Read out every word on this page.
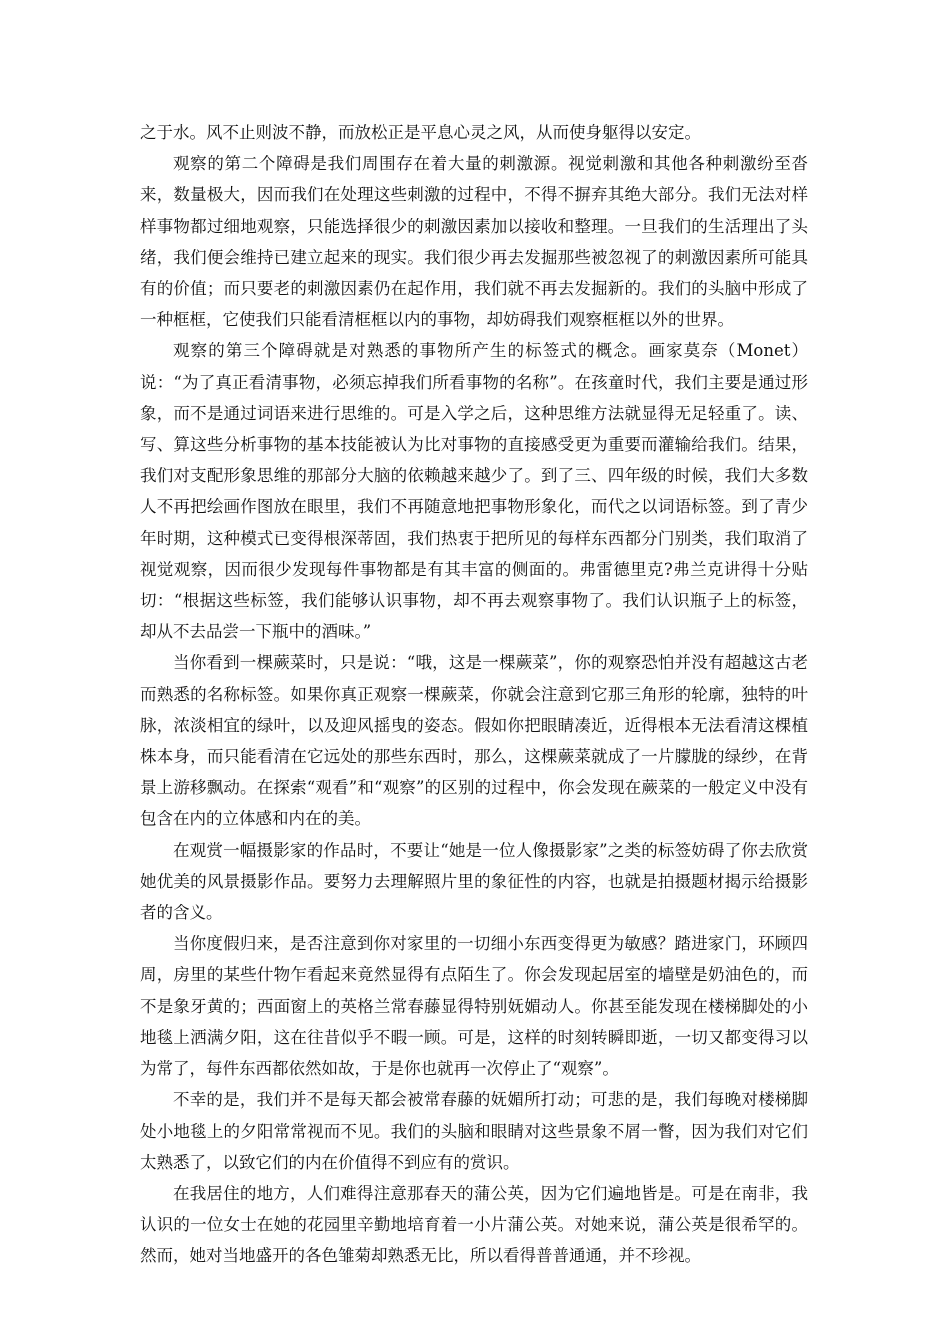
之于水。风不止则波不静，而放松正是平息心灵之风，从而使身躯得以安定。

观察的第二个障碍是我们周围存在着大量的刺激源。视觉刺激和其他各种刺激纷至沓来，数量极大，因而我们在处理这些刺激的过程中，不得不摒弃其绝大部分。我们无法对样样事物都过细地观察，只能选择很少的刺激因素加以接收和整理。一旦我们的生活理出了头绪，我们便会维持已建立起来的现实。我们很少再去发掘那些被忽视了的刺激因素所可能具有的价值；而只要老的刺激因素仍在起作用，我们就不再去发掘新的。我们的头脑中形成了一种框框，它使我们只能看清框框以内的事物，却妨碍我们观察框框以外的世界。

观察的第三个障碍就是对熟悉的事物所产生的标签式的概念。画家莫奈（Monet）说：“为了真正看清事物，必须忘掉我们所看事物的名称”。在孩童时代，我们主要是通过形象，而不是通过词语来进行思维的。可是入学之后，这种思维方法就显得无足轻重了。读、写、算这些分析事物的基本技能被认为比对事物的直接感受更为重要而灌输给我们。结果，我们对支配形象思维的那部分大脑的依赖越来越少了。到了三、四年级的时候，我们大多数人不再把绘画作图放在眼里，我们不再随意地把事物形象化，而代之以词语标签。到了青少年时期，这种模式已变得根深蒂固，我们热衷于把所见的每样东西都分门别类，我们取消了视觉观察，因而很少发现每件事物都是有其丰富的侧面的。弗雷德里克?弗兰克讲得十分贴切：“根据这些标签，我们能够认识事物，却不再去观察事物了。我们认识瓶子上的标签，却从不去品尝一下瓶中的酒味。”

当你看到一棵蕨菜时，只是说：“哦，这是一棵蕨菜”，你的观察恐怕并没有超越这古老而熟悉的名称标签。如果你真正观察一棵蕨菜，你就会注意到它那三角形的轮廓，独特的叶脉，浓淡相宜的绿叶，以及迎风摇曳的姿态。假如你把眼睛凑近，近得根本无法看清这棵植株本身，而只能看清在它远处的那些东西时，那么，这棵蕨菜就成了一片朦胧的绿纱，在背景上游移飘动。在探索“观看”和“观察”的区别的过程中，你会发现在蕨菜的一般定义中没有包含在内的立体感和内在的美。

在观赏一幅摄影家的作品时，不要让“她是一位人像摄影家”之类的标签妨碍了你去欣赏她优美的风景摄影作品。要努力去理解照片里的象征性的内容，也就是拍摄题材揭示给摄影者的含义。

当你度假归来，是否注意到你对家里的一切细小东西变得更为敏感？踏进家门，环顾四周，房里的某些什物乍看起来竟然显得有点陌生了。你会发现起居室的墙壁是奶油色的，而不是象牙黄的；西面窗上的英格兰常春藤显得特别妩媚动人。你甚至能发现在楼梯脚处的小地毯上洒满夕阳，这在往昔似乎不暇一顾。可是，这样的时刻转瞬即逝，一切又都变得习以为常了，每件东西都依然如故，于是你也就再一次停止了“观察”。

不幸的是，我们并不是每天都会被常春藤的妩媚所打动；可悲的是，我们每晚对楼梯脚处小地毯上的夕阳常常视而不见。我们的头脑和眼睛对这些景象不屑一瞥，因为我们对它们太熟悉了，以致它们的内在价值得不到应有的赏识。

在我居住的地方，人们难得注意那春天的蒲公英，因为它们遍地皆是。可是在南非，我认识的一位女士在她的花园里辛勤地培育着一小片蒲公英。对她来说，蒲公英是很希罕的。然而，她对当地盛开的各色雏菊却熟悉无比，所以看得普普通通，并不珍视。
